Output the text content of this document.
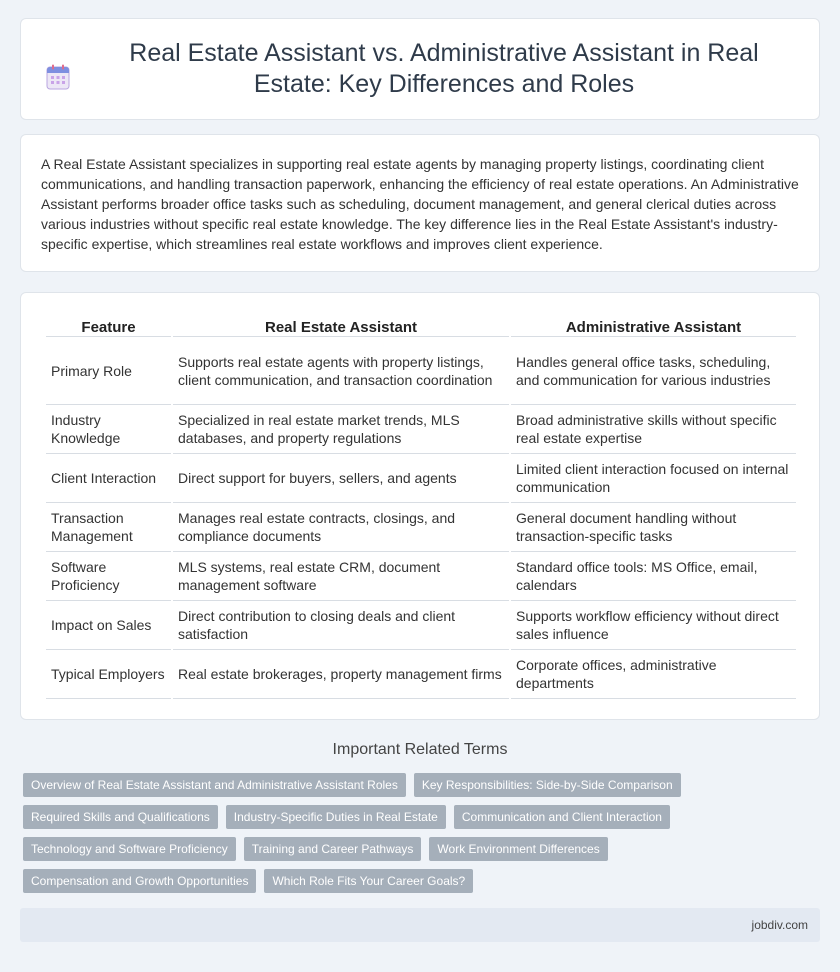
Real Estate Assistant vs. Administrative Assistant in Real Estate: Key Differences and Roles

A Real Estate Assistant specializes in supporting real estate agents by managing property listings, coordinating client communications, and handling transaction paperwork, enhancing the efficiency of real estate operations. An Administrative Assistant performs broader office tasks such as scheduling, document management, and general clerical duties across various industries without specific real estate knowledge. The key difference lies in the Real Estate Assistant's industry-specific expertise, which streamlines real estate workflows and improves client experience.

Feature	Real Estate Assistant	Administrative Assistant
Primary Role	Supports real estate agents with property listings, client communication, and transaction coordination	Handles general office tasks, scheduling, and communication for various industries
Industry Knowledge	Specialized in real estate market trends, MLS databases, and property regulations	Broad administrative skills without specific real estate expertise
Client Interaction	Direct support for buyers, sellers, and agents	Limited client interaction focused on internal communication
Transaction Management	Manages real estate contracts, closings, and compliance documents	General document handling without transaction-specific tasks
Software Proficiency	MLS systems, real estate CRM, document management software	Standard office tools: MS Office, email, calendars
Impact on Sales	Direct contribution to closing deals and client satisfaction	Supports workflow efficiency without direct sales influence
Typical Employers	Real estate brokerages, property management firms	Corporate offices, administrative departments
Important Related Terms
Overview of Real Estate Assistant and Administrative Assistant Roles	Key Responsibilities: Side-by-Side Comparison
Required Skills and Qualifications	Industry-Specific Duties in Real Estate	Communication and Client Interaction
Technology and Software Proficiency	Training and Career Pathways	Work Environment Differences
Compensation and Growth Opportunities	Which Role Fits Your Career Goals?
jobdiv.com
